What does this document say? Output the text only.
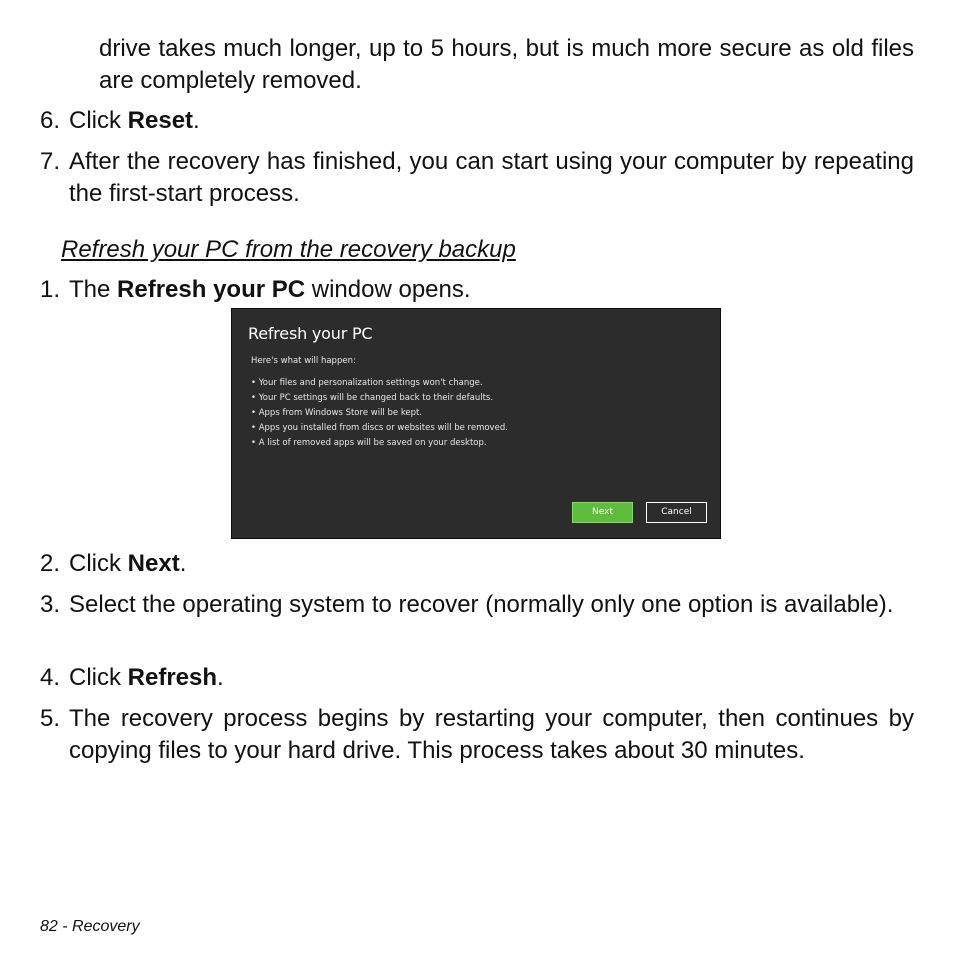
drive takes much longer, up to 5 hours, but is much more secure as old files are completely removed.

6. Click Reset.

7. After the recovery has finished, you can start using your computer by repeating the first-start process.

Refresh your PC from the recovery backup

1. The Refresh your PC window opens.

Refresh your PC
Here's what will happen:
• Your files and personalization settings won't change.
• Your PC settings will be changed back to their defaults.
• Apps from Windows Store will be kept.
• Apps you installed from discs or websites will be removed.
• A list of removed apps will be saved on your desktop.
Next	Cancel
2. Click Next.

3. Select the operating system to recover (normally only one option is available).

4. Click Refresh.

5. The recovery process begins by restarting your computer, then continues by copying files to your hard drive. This process takes about 30 minutes.

82 - Recovery
